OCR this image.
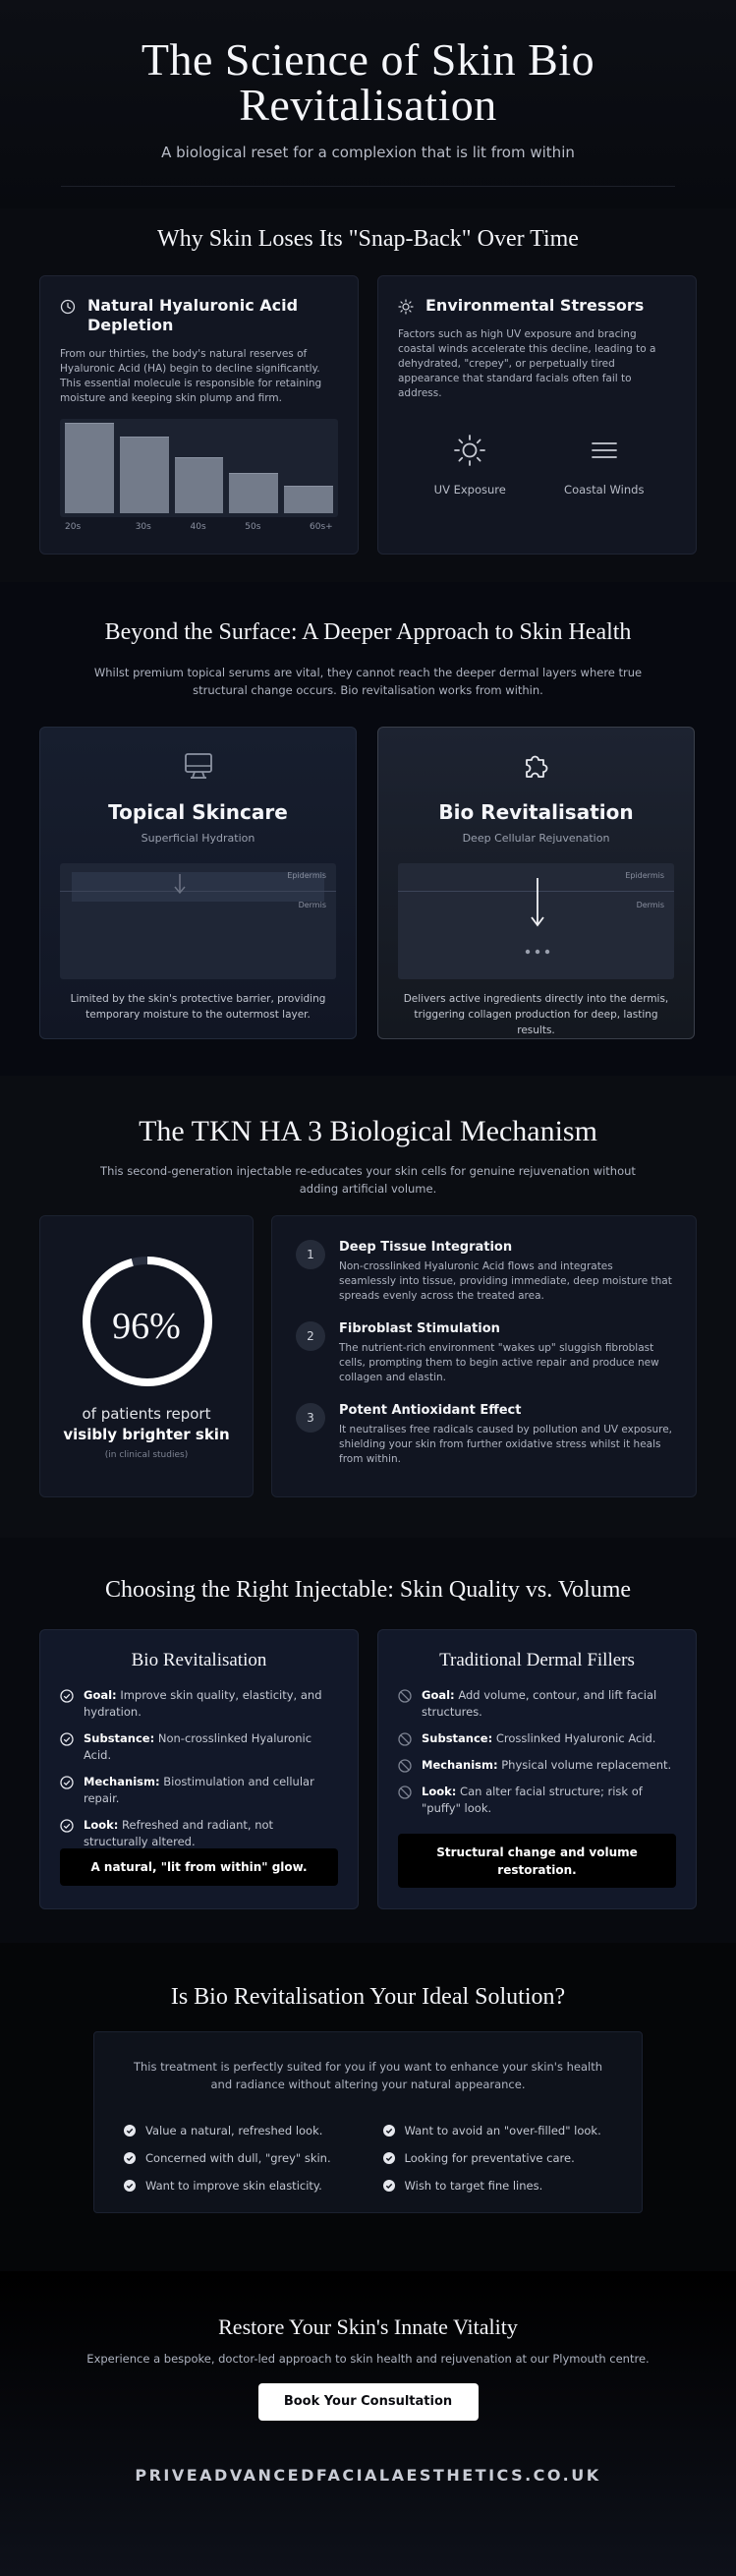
The Science of Skin Bio
Revitalisation

A biological reset for a complexion that is lit from within

Why Skin Loses Its "Snap-Back" Over Time
Natural Hyaluronic Acid Depletion

From our thirties, the body's natural reserves of Hyaluronic Acid (HA) begin to decline significantly. This essential molecule is responsible for retaining moisture and keeping skin plump and firm.

20s	30s	40s	50s	60s+
Environmental Stressors

Factors such as high UV exposure and bracing coastal winds accelerate this decline, leading to a dehydrated, "crepey", or perpetually tired appearance that standard facials often fail to address.

UV Exposure	Coastal Winds
Beyond the Surface: A Deeper Approach to Skin Health

Whilst premium topical serums are vital, they cannot reach the deeper dermal layers where true structural change occurs. Bio revitalisation works from within.

Topical Skincare
Superficial Hydration
Epidermis
Dermis
Limited by the skin's protective barrier, providing temporary moisture to the outermost layer.
Bio Revitalisation
Deep Cellular Rejuvenation
Epidermis
Dermis
Delivers active ingredients directly into the dermis, triggering collagen production for deep, lasting results.
The TKN HA 3 Biological Mechanism

This second-generation injectable re-educates your skin cells for genuine rejuvenation without adding artificial volume.

96%
of patients report
visibly brighter skin
(in clinical studies)
1	Deep Tissue Integration

Non-crosslinked Hyaluronic Acid flows and integrates seamlessly into tissue, providing immediate, deep moisture that spreads evenly across the treated area.

2	Fibroblast Stimulation

The nutrient-rich environment "wakes up" sluggish fibroblast cells, prompting them to begin active repair and produce new collagen and elastin.

3	Potent Antioxidant Effect

It neutralises free radicals caused by pollution and UV exposure, shielding your skin from further oxidative stress whilst it heals from within.

Choosing the Right Injectable: Skin Quality vs. Volume
Bio Revitalisation
Goal: Improve skin quality, elasticity, and hydration.
Substance: Non-crosslinked Hyaluronic Acid.
Mechanism: Biostimulation and cellular repair.
Look: Refreshed and radiant, not structurally altered.
A natural, "lit from within" glow.
Traditional Dermal Fillers
Goal: Add volume, contour, and lift facial structures.
Substance: Crosslinked Hyaluronic Acid.
Mechanism: Physical volume replacement.
Look: Can alter facial structure; risk of "puffy" look.
Structural change and volume restoration.
Is Bio Revitalisation Your Ideal Solution?

This treatment is perfectly suited for you if you want to enhance your skin's health and radiance without altering your natural appearance.

Value a natural, refreshed look.	Want to avoid an "over-filled" look.
Concerned with dull, "grey" skin.	Looking for preventative care.
Want to improve skin elasticity.	Wish to target fine lines.
Restore Your Skin's Innate Vitality

Experience a bespoke, doctor-led approach to skin health and rejuvenation at our Plymouth centre.

Book Your Consultation
PRIVEADVANCEDFACIALAESTHETICS.CO.UK
